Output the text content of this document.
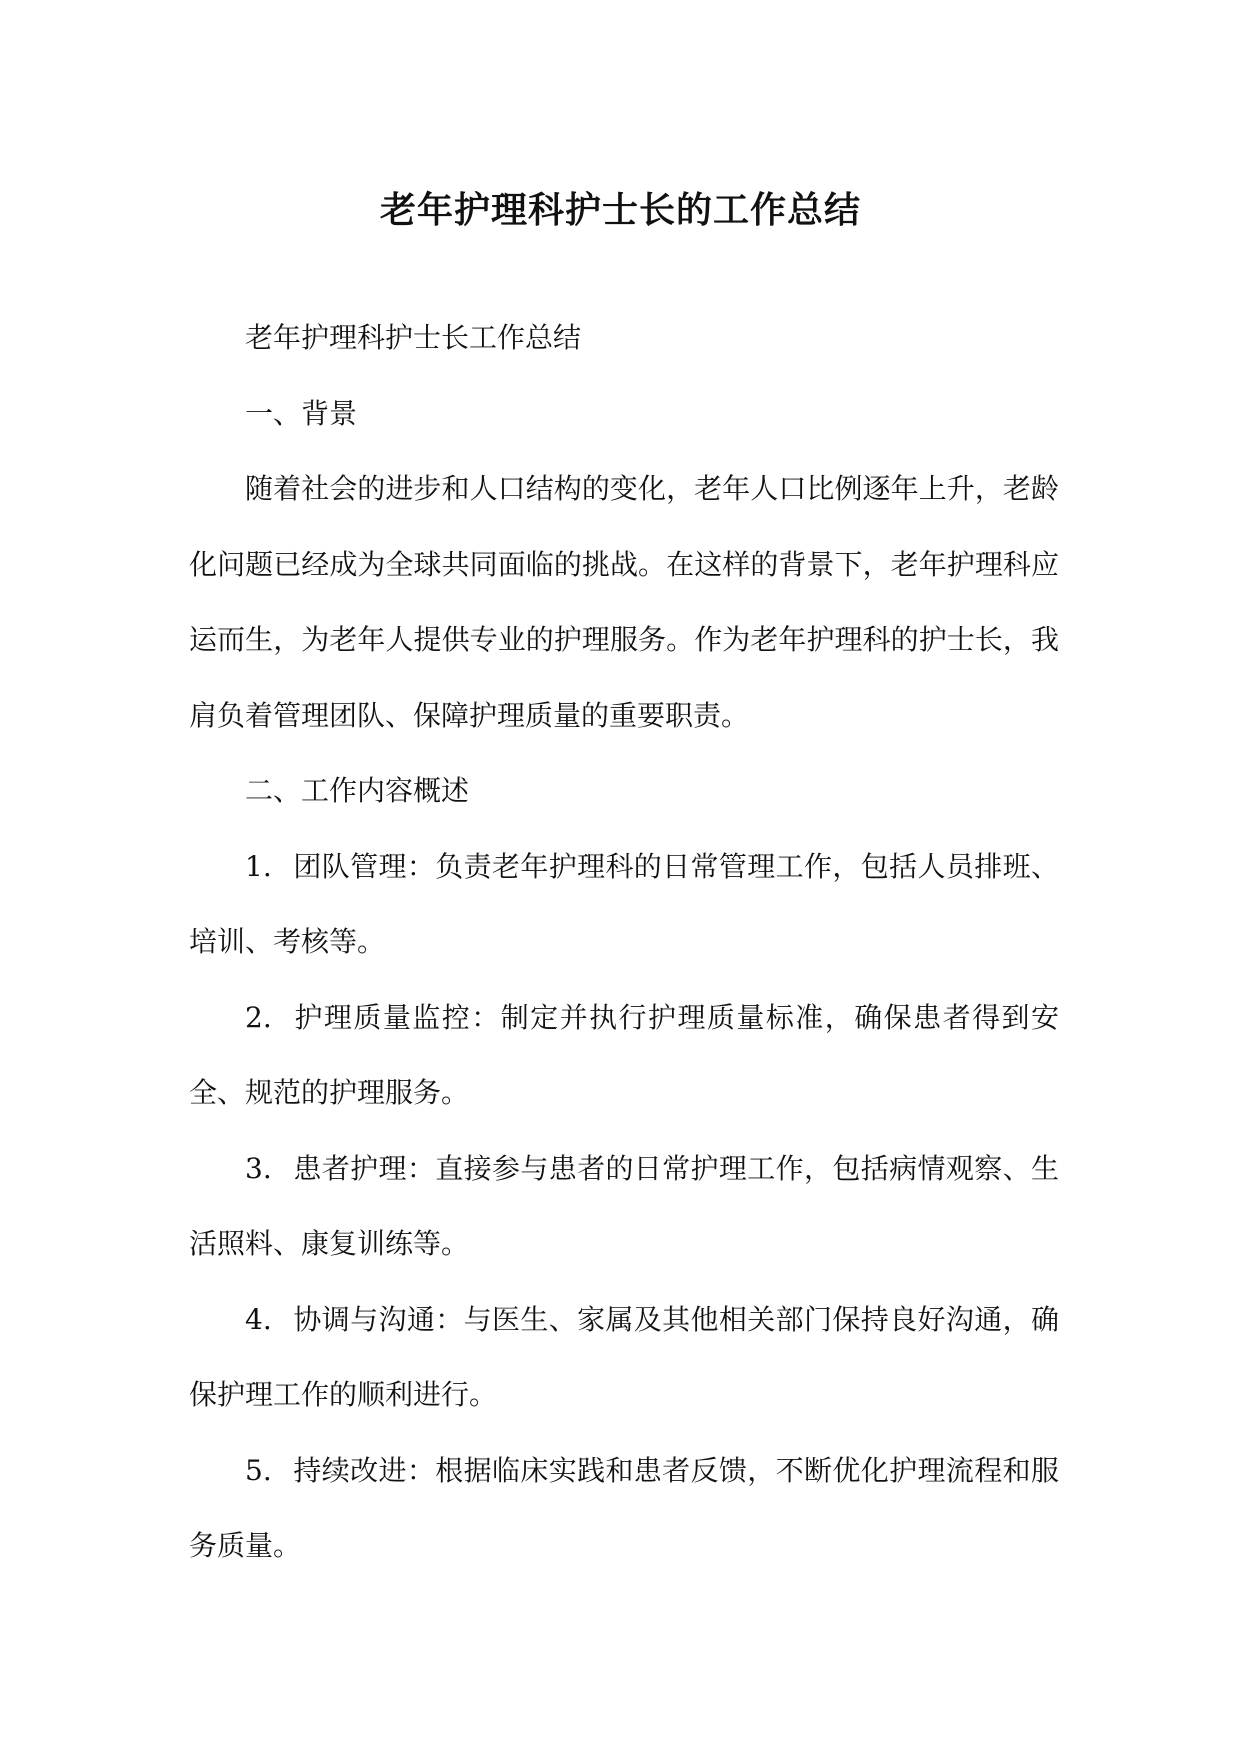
老年护理科护士长的工作总结

老年护理科护士长工作总结

一、背景

随着社会的进步和人口结构的变化，老年人口比例逐年上升，老龄化问题已经成为全球共同面临的挑战。在这样的背景下，老年护理科应运而生，为老年人提供专业的护理服务。作为老年护理科的护士长，我肩负着管理团队、保障护理质量的重要职责。

二、工作内容概述

1. 团队管理：负责老年护理科的日常管理工作，包括人员排班、培训、考核等。

2. 护理质量监控：制定并执行护理质量标准，确保患者得到安全、规范的护理服务。

3. 患者护理：直接参与患者的日常护理工作，包括病情观察、生活照料、康复训练等。

4. 协调与沟通：与医生、家属及其他相关部门保持良好沟通，确保护理工作的顺利进行。

5. 持续改进：根据临床实践和患者反馈，不断优化护理流程和服务质量。
